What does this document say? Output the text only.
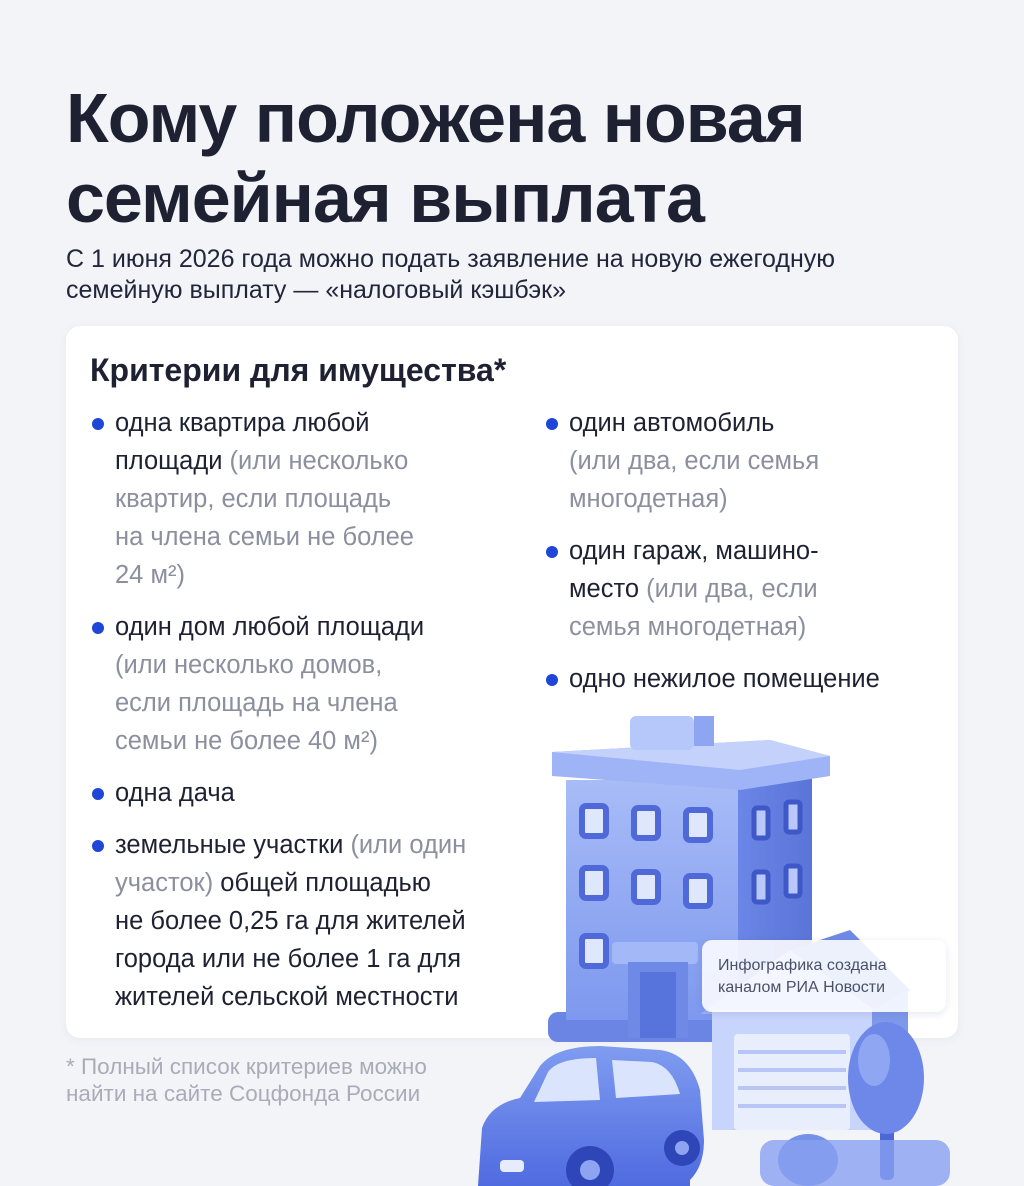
Кому положена новая
семейная выплата
С 1 июня 2026 года можно подать заявление на новую ежегодную
семейную выплату — «налоговый кэшбэк»
Критерии для имущества*
одна квартира любой
площади (или несколько
квартир, если площадь
на члена семьи не более
24 м²)
один дом любой площади
(или несколько домов,
если площадь на члена
семьи не более 40 м²)
одна дача
земельные участки (или один
участок) общей площадью
не более 0,25 га для жителей
города или не более 1 га для
жителей сельской местности
один автомобиль
(или два, если семья
многодетная)
один гараж, машино-
место (или два, если
семья многодетная)
одно нежилое помещение
Инфографика создана
каналом РИА Новости
* Полный список критериев можно
найти на сайте Соцфонда России
